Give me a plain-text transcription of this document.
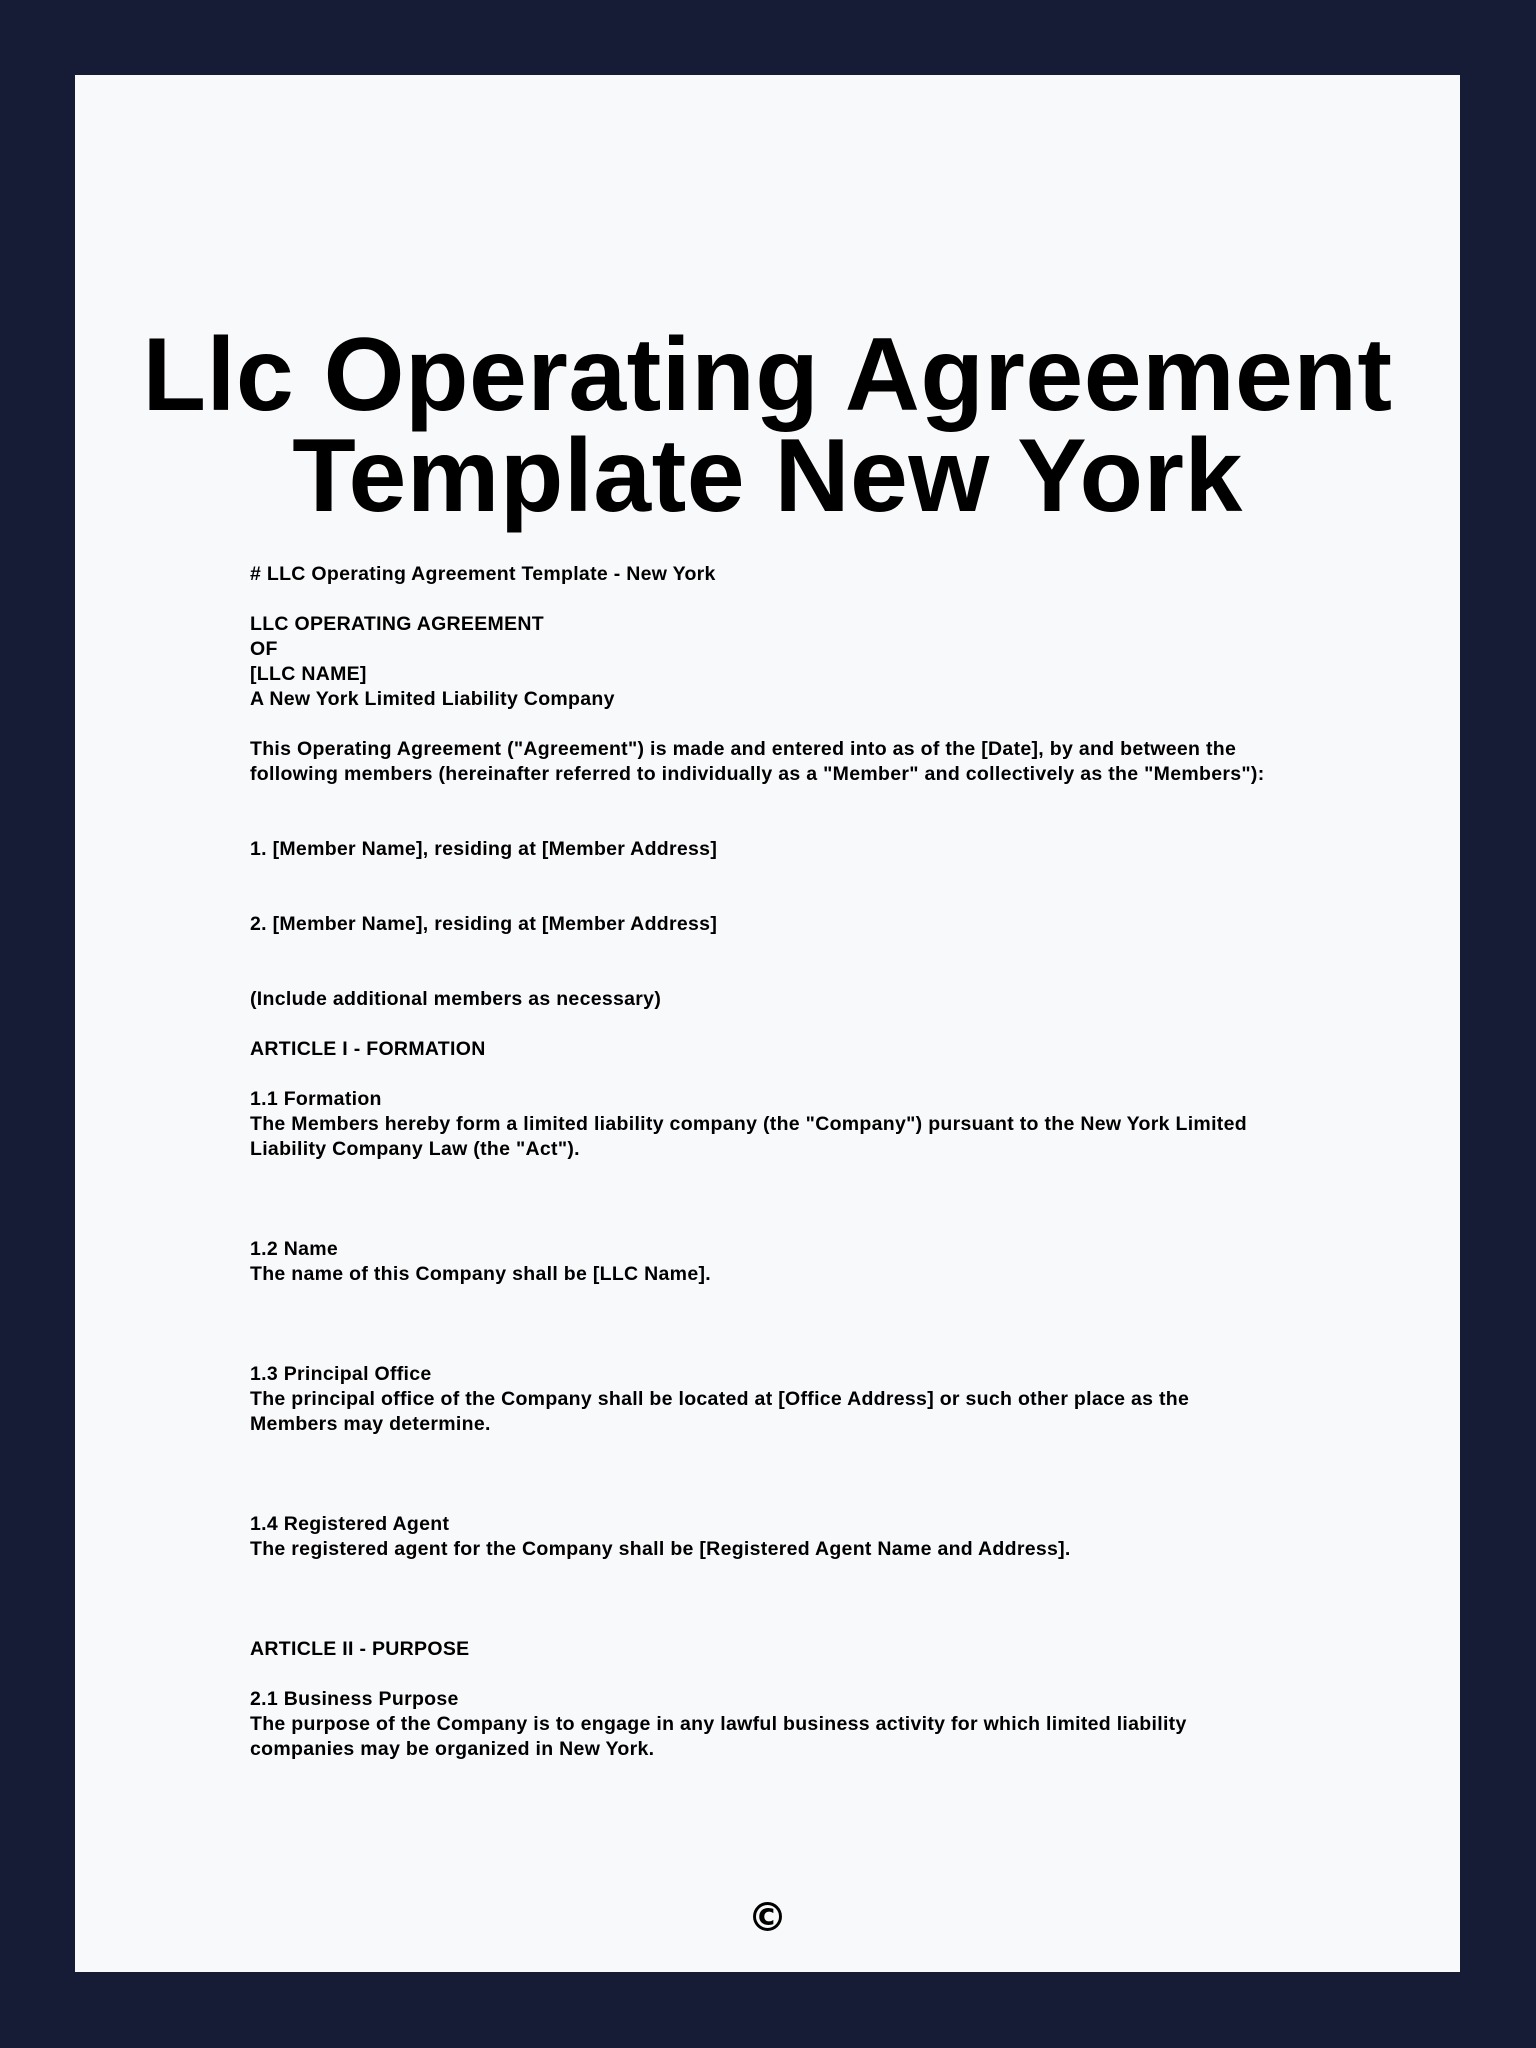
Llc Operating Agreement
Template New York
# LLC Operating Agreement Template - New York
LLC OPERATING AGREEMENT
OF
[LLC NAME]
A New York Limited Liability Company
This Operating Agreement ("Agreement") is made and entered into as of the [Date], by and between the
following members (hereinafter referred to individually as a "Member" and collectively as the "Members"):
1. [Member Name], residing at [Member Address]
2. [Member Name], residing at [Member Address]
(Include additional members as necessary)
ARTICLE I - FORMATION
1.1 Formation
The Members hereby form a limited liability company (the "Company") pursuant to the New York Limited
Liability Company Law (the "Act").
1.2 Name
The name of this Company shall be [LLC Name].
1.3 Principal Office
The principal office of the Company shall be located at [Office Address] or such other place as the
Members may determine.
1.4 Registered Agent
The registered agent for the Company shall be [Registered Agent Name and Address].
ARTICLE II - PURPOSE
2.1 Business Purpose
The purpose of the Company is to engage in any lawful business activity for which limited liability
companies may be organized in New York.
©
